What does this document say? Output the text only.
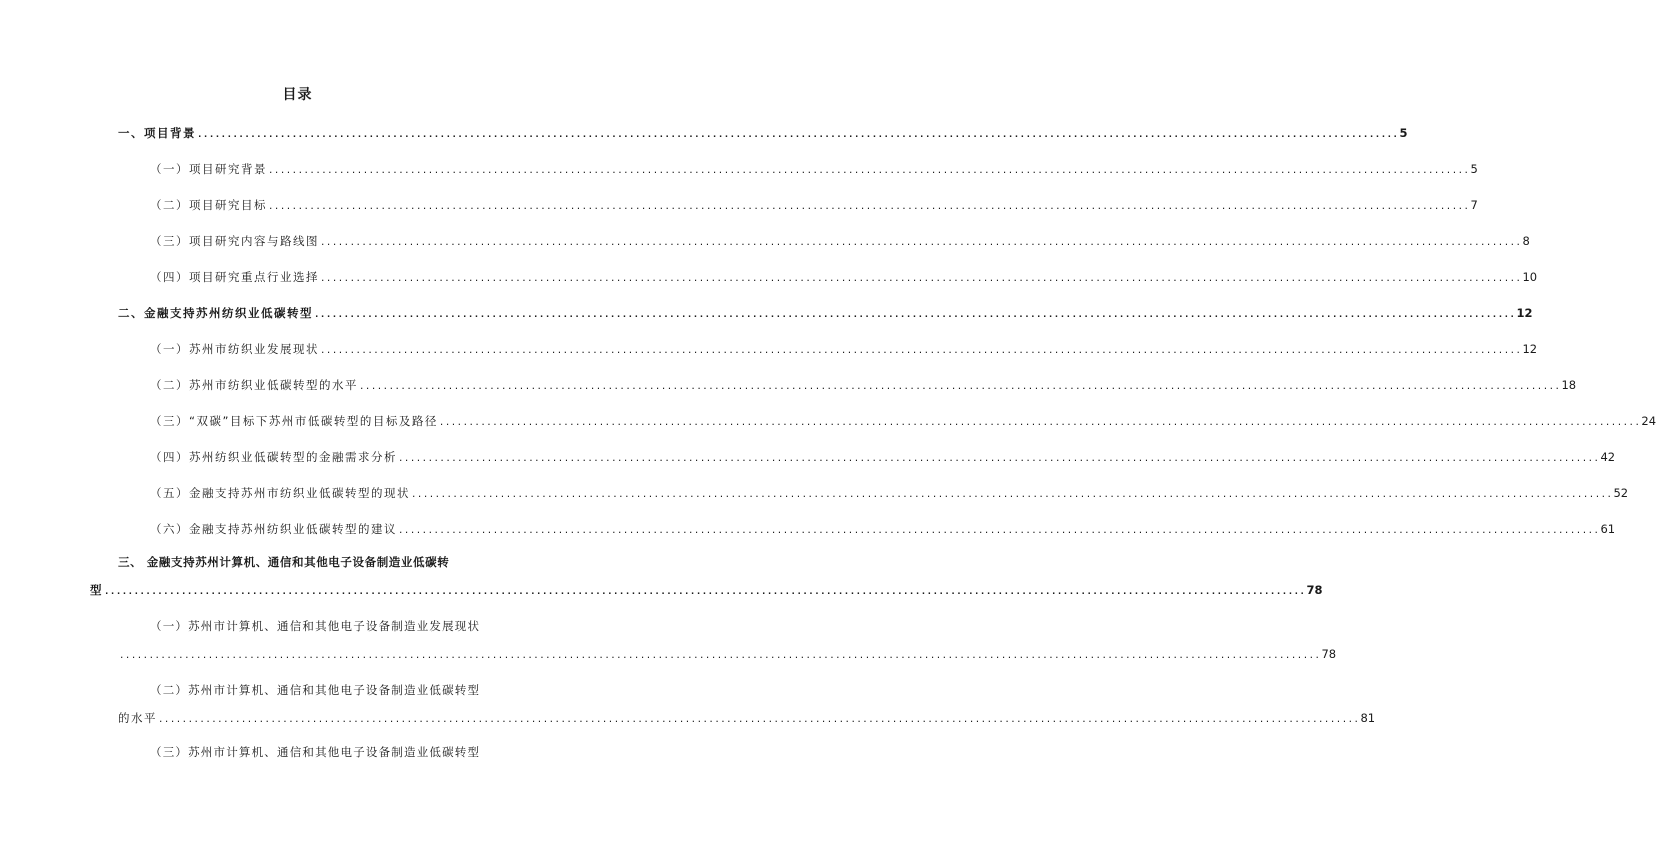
目录
一、项目背景 ........................................................................................................................................................................................................... 5
（一）项目研究背景 ........................................................................................................................................................................................................... 5
（二）项目研究目标 ........................................................................................................................................................................................................... 7
（三）项目研究内容与路线图 ........................................................................................................................................................................................................... 8
（四）项目研究重点行业选择 ........................................................................................................................................................................................................... 10
二、金融支持苏州纺织业低碳转型 ........................................................................................................................................................................................................... 12
（一）苏州市纺织业发展现状 ........................................................................................................................................................................................................... 12
（二）苏州市纺织业低碳转型的水平 ........................................................................................................................................................................................................... 18
（三）“双碳”目标下苏州市低碳转型的目标及路径 ........................................................................................................................................................................................................... 24
（四）苏州纺织业低碳转型的金融需求分析 ........................................................................................................................................................................................................... 42
（五）金融支持苏州市纺织业低碳转型的现状 ........................................................................................................................................................................................................... 52
（六）金融支持苏州纺织业低碳转型的建议 ........................................................................................................................................................................................................... 61
三、 金融支持苏州计算机、通信和其他电子设备制造业低碳转
型 ........................................................................................................................................................................................................... 78
（一）苏州市计算机、通信和其他电子设备制造业发展现状
........................................................................................................................................................................................................... 78
（二）苏州市计算机、通信和其他电子设备制造业低碳转型
的水平 ........................................................................................................................................................................................................... 81
（三）苏州市计算机、通信和其他电子设备制造业低碳转型
